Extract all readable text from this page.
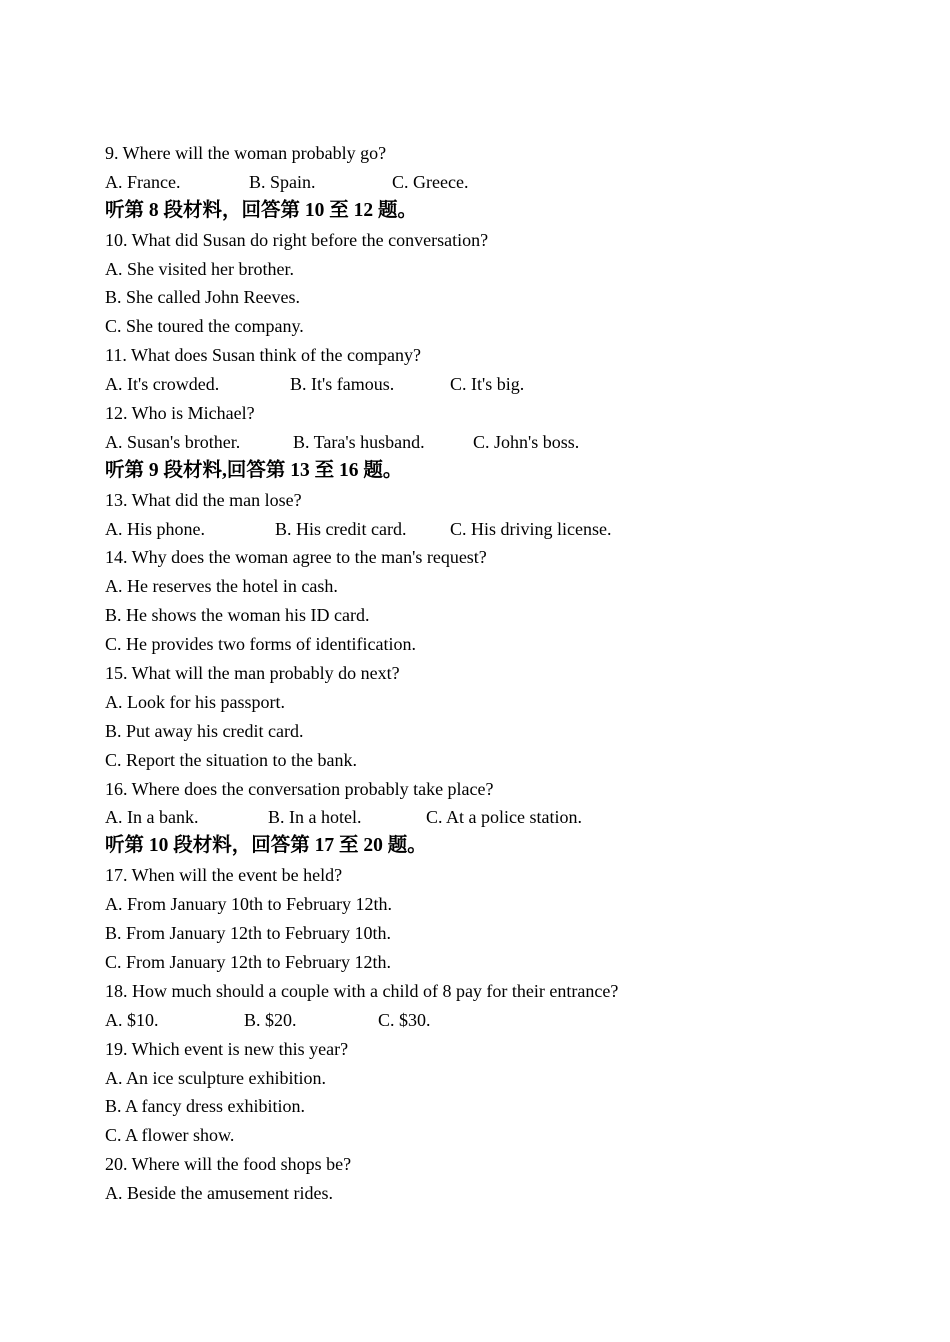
9. Where will the woman probably go?
A. France.	B. Spain.	C. Greece.
听第 8 段材料，回答第 10 至 12 题。
10. What did Susan do right before the conversation?
A. She visited her brother.
B. She called John Reeves.
C. She toured the company.
11. What does Susan think of the company?
A. It's crowded.	B. It's famous.	C. It's big.
12. Who is Michael?
A. Susan's brother.	B. Tara's husband.	C. John's boss.
听第 9 段材料,回答第 13 至 16 题。
13. What did the man lose?
A. His phone.	B. His credit card. C. His driving license.
14. Why does the woman agree to the man's request?
A. He reserves the hotel in cash.
B. He shows the woman his ID card.
C. He provides two forms of identification.
15. What will the man probably do next?
A. Look for his passport.
B. Put away his credit card.
C. Report the situation to the bank.
16. Where does the conversation probably take place?
A. In a bank.	B. In a hotel.	C. At a police station.
听第 10 段材料，回答第 17 至 20 题。
17. When will the event be held?
A. From January 10th to February 12th.
B. From January 12th to February 10th.
C. From January 12th to February 12th.
18. How much should a couple with a child of 8 pay for their entrance?
A. $10.	B. $20.	C. $30.
19. Which event is new this year?
A. An ice sculpture exhibition.
B. A fancy dress exhibition.
C. A flower show.
20. Where will the food shops be?
A. Beside the amusement rides.
